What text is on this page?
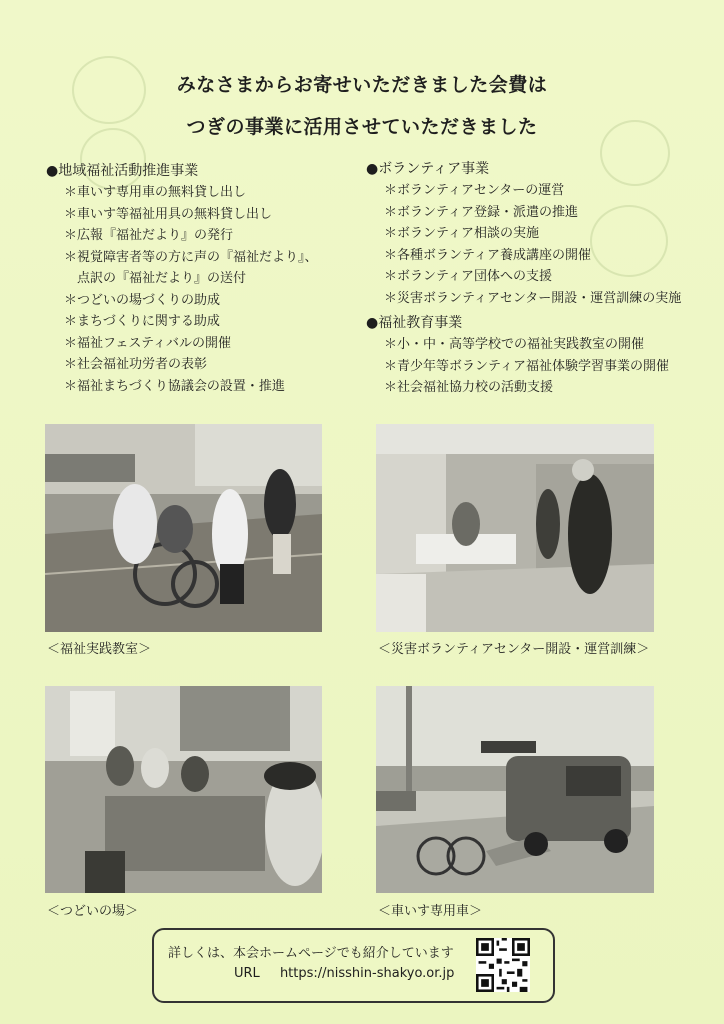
みなさまからお寄せいただきました会費は
つぎの事業に活用させていただきました
●地域福祉活動推進事業
＊車いす専用車の無料貸し出し
＊車いす等福祉用具の無料貸し出し
＊広報『福祉だより』の発行
＊視覚障害者等の方に声の『福祉だより』、
　点訳の『福祉だより』の送付
＊つどいの場づくりの助成
＊まちづくりに関する助成
＊福祉フェスティバルの開催
＊社会福祉功労者の表彰
＊福祉まちづくり協議会の設置・推進
●ボランティア事業
＊ボランティアセンターの運営
＊ボランティア登録・派遣の推進
＊ボランティア相談の実施
＊各種ボランティア養成講座の開催
＊ボランティア団体への支援
＊災害ボランティアセンター開設・運営訓練の実施
●福祉教育事業
＊小・中・高等学校での福祉実践教室の開催
＊青少年等ボランティア福祉体験学習事業の開催
＊社会福祉協力校の活動支援
＜福祉実践教室＞	＜災害ボランティアセンター開設・運営訓練＞
＜つどいの場＞	＜車いす専用車＞
詳しくは、本会ホームページでも紹介しています
URL https://nisshin-shakyo.or.jp
